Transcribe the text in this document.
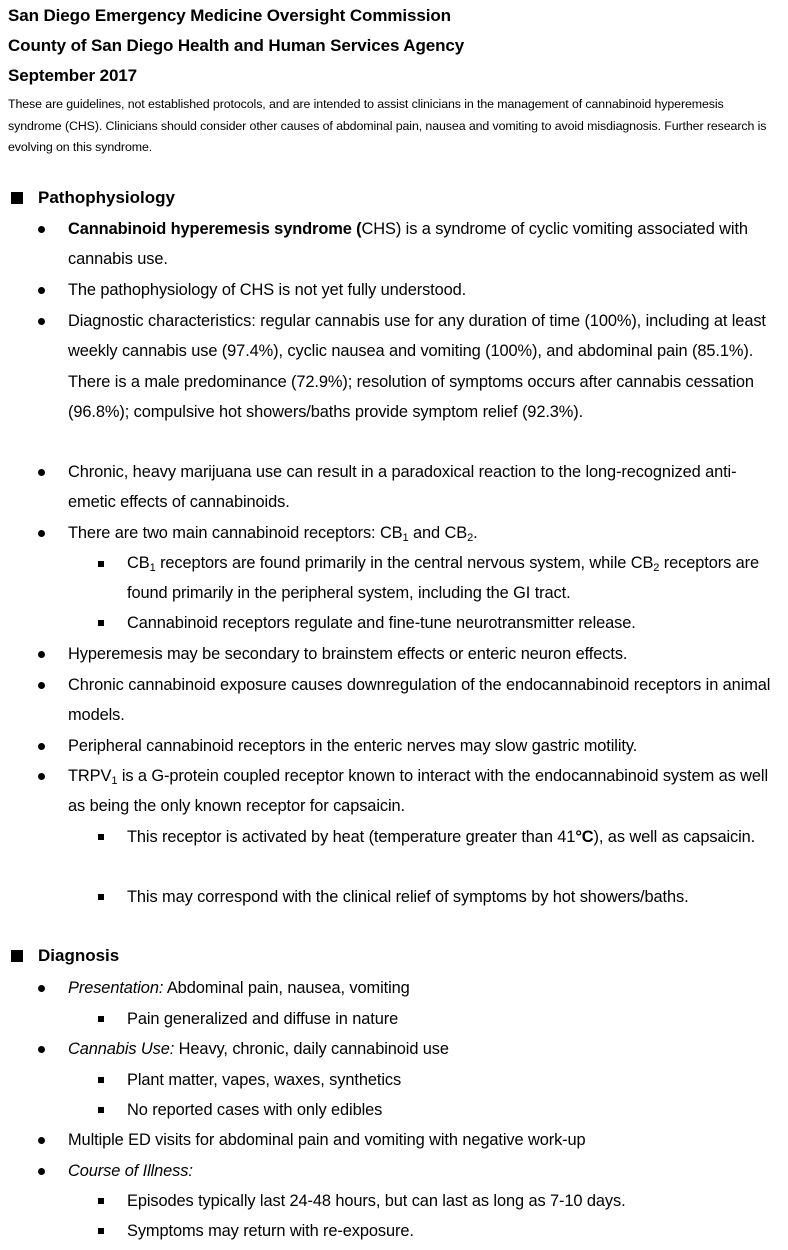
San Diego Emergency Medicine Oversight Commission
County of San Diego Health and Human Services Agency
September 2017
These are guidelines, not established protocols, and are intended to assist clinicians in the management of cannabinoid hyperemesis syndrome (CHS). Clinicians should consider other causes of abdominal pain, nausea and vomiting to avoid misdiagnosis. Further research is evolving on this syndrome.
Pathophysiology
Cannabinoid hyperemesis syndrome (CHS) is a syndrome of cyclic vomiting associated with cannabis use.
The pathophysiology of CHS is not yet fully understood.
Diagnostic characteristics: regular cannabis use for any duration of time (100%), including at least weekly cannabis use (97.4%), cyclic nausea and vomiting (100%), and abdominal pain (85.1%). There is a male predominance (72.9%); resolution of symptoms occurs after cannabis cessation (96.8%); compulsive hot showers/baths provide symptom relief (92.3%).
Chronic, heavy marijuana use can result in a paradoxical reaction to the long-recognized anti-emetic effects of cannabinoids.
There are two main cannabinoid receptors: $CB_1$ and $CB_2$.
$CB_1$ receptors are found primarily in the central nervous system, while $CB_2$ receptors are found primarily in the peripheral system, including the GI tract.
Cannabinoid receptors regulate and fine-tune neurotransmitter release.
Hyperemesis may be secondary to brainstem effects or enteric neuron effects.
Chronic cannabinoid exposure causes downregulation of the endocannabinoid receptors in animal models.
Peripheral cannabinoid receptors in the enteric nerves may slow gastric motility.
$TRPV_1$ is a G-protein coupled receptor known to interact with the endocannabinoid system as well as being the only known receptor for capsaicin.
This receptor is activated by heat (temperature greater than 41°C), as well as capsaicin.
This may correspond with the clinical relief of symptoms by hot showers/baths.
Diagnosis
Presentation: Abdominal pain, nausea, vomiting
Pain generalized and diffuse in nature
Cannabis Use: Heavy, chronic, daily cannabinoid use
Plant matter, vapes, waxes, synthetics
No reported cases with only edibles
Multiple ED visits for abdominal pain and vomiting with negative work-up
Course of Illness:
Episodes typically last 24-48 hours, but can last as long as 7-10 days.
Symptoms may return with re-exposure.
